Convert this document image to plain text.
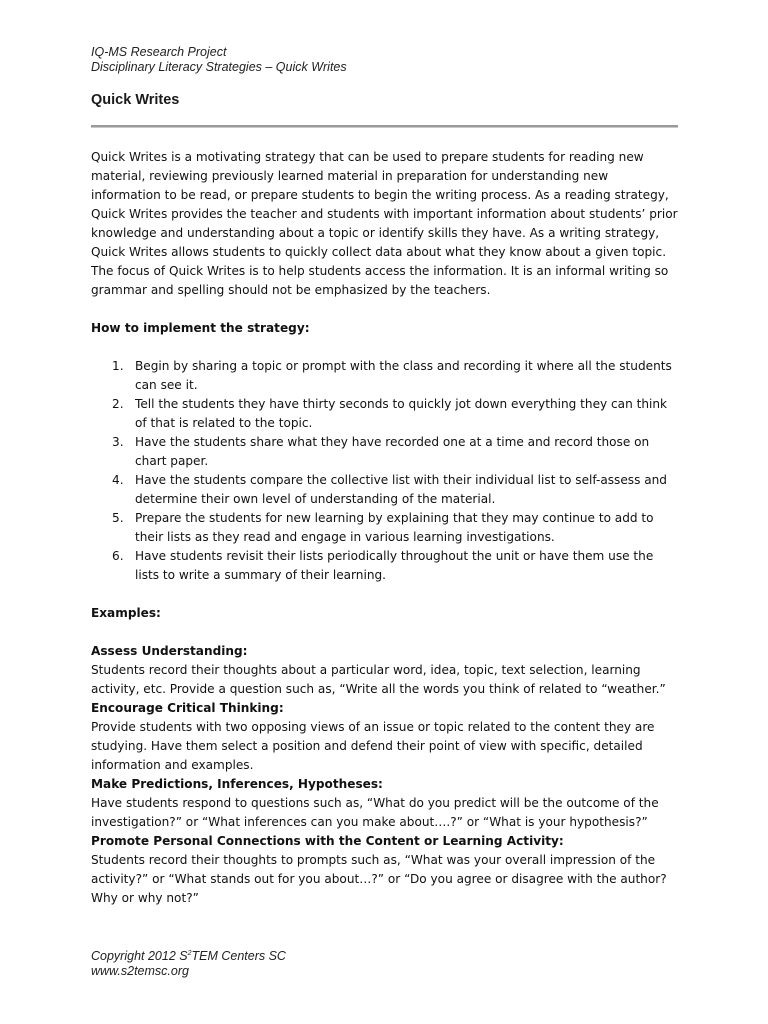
IQ-MS Research Project
Disciplinary Literacy Strategies – Quick Writes
Quick Writes

Quick Writes is a motivating strategy that can be used to prepare students for reading new material, reviewing previously learned material in preparation for understanding new information to be read, or prepare students to begin the writing process. As a reading strategy, Quick Writes provides the teacher and students with important information about students’ prior knowledge and understanding about a topic or identify skills they have. As a writing strategy, Quick Writes allows students to quickly collect data about what they know about a given topic. The focus of Quick Writes is to help students access the information. It is an informal writing so grammar and spelling should not be emphasized by the teachers.

How to implement the strategy:

1. Begin by sharing a topic or prompt with the class and recording it where all the students can see it.
2. Tell the students they have thirty seconds to quickly jot down everything they can think of that is related to the topic.
3. Have the students share what they have recorded one at a time and record those on chart paper.
4. Have the students compare the collective list with their individual list to self-assess and determine their own level of understanding of the material.
5. Prepare the students for new learning by explaining that they may continue to add to their lists as they read and engage in various learning investigations.
6. Have students revisit their lists periodically throughout the unit or have them use the lists to write a summary of their learning.

Examples:

Assess Understanding:

Students record their thoughts about a particular word, idea, topic, text selection, learning activity, etc. Provide a question such as, “Write all the words you think of related to “weather.”

Encourage Critical Thinking:

Provide students with two opposing views of an issue or topic related to the content they are studying. Have them select a position and defend their point of view with specific, detailed information and examples.

Make Predictions, Inferences, Hypotheses:

Have students respond to questions such as, “What do you predict will be the outcome of the investigation?” or “What inferences can you make about….?” or “What is your hypothesis?”

Promote Personal Connections with the Content or Learning Activity:

Students record their thoughts to prompts such as, “What was your overall impression of the activity?” or “What stands out for you about…?” or “Do you agree or disagree with the author? Why or why not?”

Copyright 2012 $S^2TEM$ Centers SC
www.s2temsc.org
